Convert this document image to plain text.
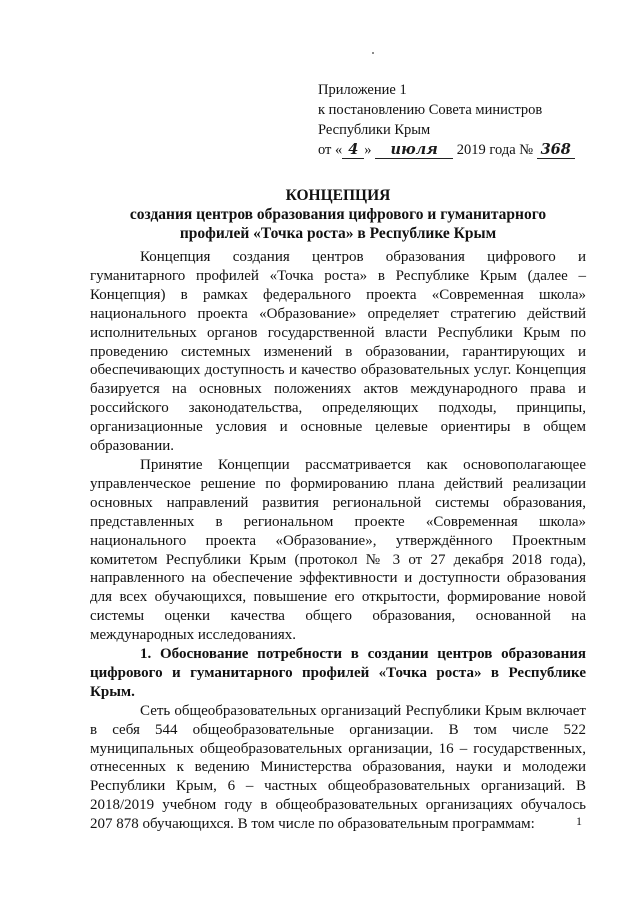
Приложение 1
к постановлению Совета министров
Республики Крым
от « 4 » июля 2019 года № 368
КОНЦЕПЦИЯ
создания центров образования цифрового и гуманитарного
профилей «Точка роста» в Республике Крым

Концепция создания центров образования цифрового и гуманитарного профилей «Точка роста» в Республике Крым (далее – Концепция) в рамках федерального проекта «Современная школа» национального проекта «Образование» определяет стратегию действий исполнительных органов государственной власти Республики Крым по проведению системных изменений в образовании, гарантирующих и обеспечивающих доступность и качество образовательных услуг. Концепция базируется на основных положениях актов международного права и российского законодательства, определяющих подходы, принципы, организационные условия и основные целевые ориентиры в общем образовании.

Принятие Концепции рассматривается как основополагающее управленческое решение по формированию плана действий реализации основных направлений развития региональной системы образования, представленных в региональном проекте «Современная школа» национального проекта «Образование», утверждённого Проектным комитетом Республики Крым (протокол № 3 от 27 декабря 2018 года), направленного на обеспечение эффективности и доступности образования для всех обучающихся, повышение его открытости, формирование новой системы оценки качества общего образования, основанной на международных исследованиях.

1. Обоснование потребности в создании центров образования цифрового и гуманитарного профилей «Точка роста» в Республике Крым.

Сеть общеобразовательных организаций Республики Крым включает в себя 544 общеобразовательные организации. В том числе 522 муниципальных общеобразовательных организации, 16 – государственных, отнесенных к ведению Министерства образования, науки и молодежи Республики Крым, 6 – частных общеобразовательных организаций. В 2018/2019 учебном году в общеобразовательных организациях обучалось 207 878 обучающихся. В том числе по образовательным программам:	1
